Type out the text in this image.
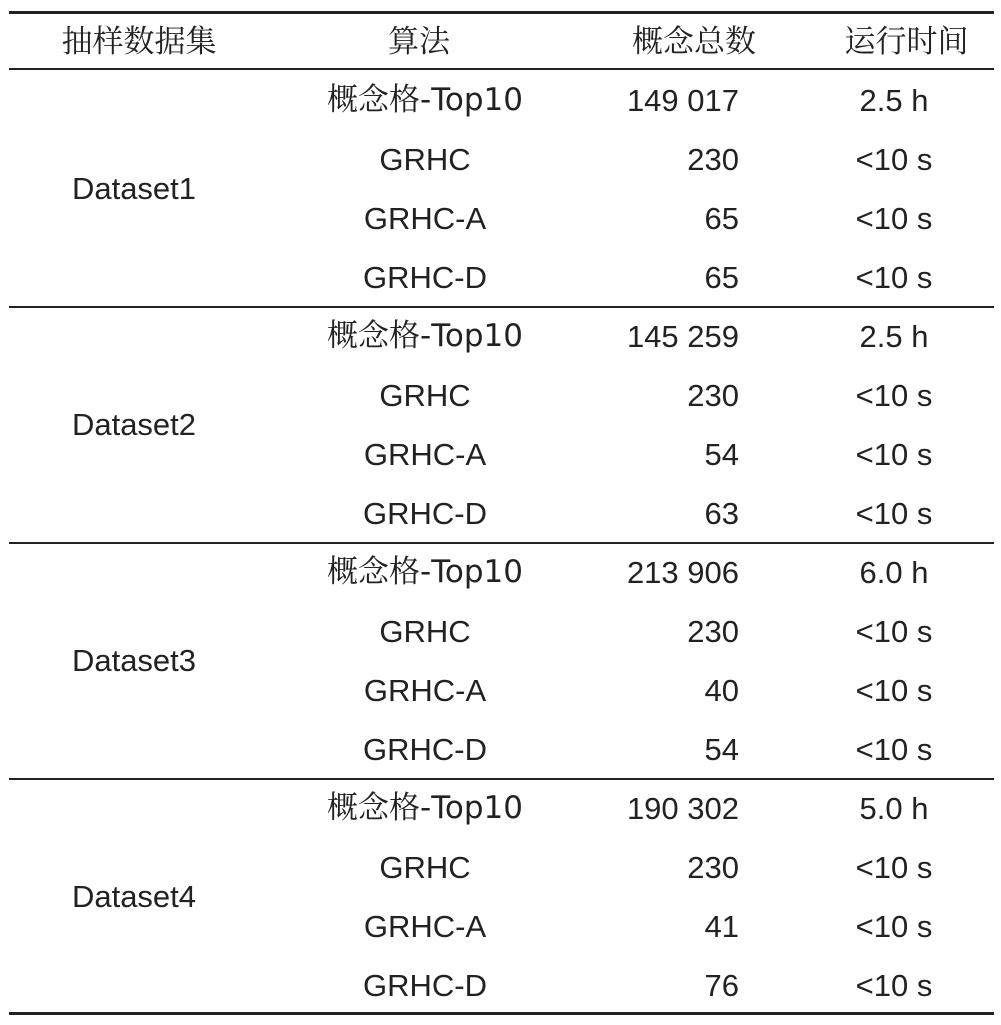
抽样数据集	算法	概念总数	运行时间
Dataset1
概念格-Top10	149 017	2.5 h
GRHC	230	<10 s
GRHC-A	65	<10 s
GRHC-D	65	<10 s
Dataset2
概念格-Top10	145 259	2.5 h
GRHC	230	<10 s
GRHC-A	54	<10 s
GRHC-D	63	<10 s
Dataset3
概念格-Top10	213 906	6.0 h
GRHC	230	<10 s
GRHC-A	40	<10 s
GRHC-D	54	<10 s
Dataset4
概念格-Top10	190 302	5.0 h
GRHC	230	<10 s
GRHC-A	41	<10 s
GRHC-D	76	<10 s
